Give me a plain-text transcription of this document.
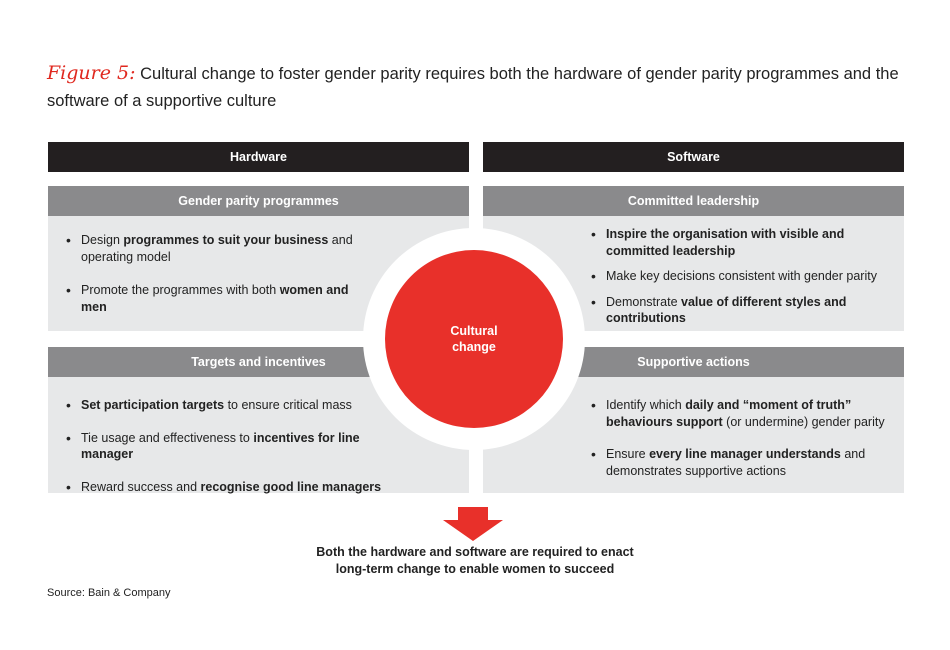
Figure 5: Cultural change to foster gender parity requires both the hardware of gender parity programmes and the software of a supportive culture
Hardware	Software
Gender parity programmes
• Design programmes to suit your business and operating model
• Promote the programmes with both women and men
Committed leadership
• Inspire the organisation with visible and committed leadership
• Make key decisions consistent with gender parity
• Demonstrate value of different styles and contributions
Targets and incentives
• Set participation targets to ensure critical mass
• Tie usage and effectiveness to incentives for line manager
• Reward success and recognise good line managers
Supportive actions
• Identify which daily and “moment of truth” behaviours support (or undermine) gender parity
• Ensure every line manager understands and demonstrates supportive actions
Cultural change
Both the hardware and software are required to enact long-term change to enable women to succeed
Source: Bain & Company
